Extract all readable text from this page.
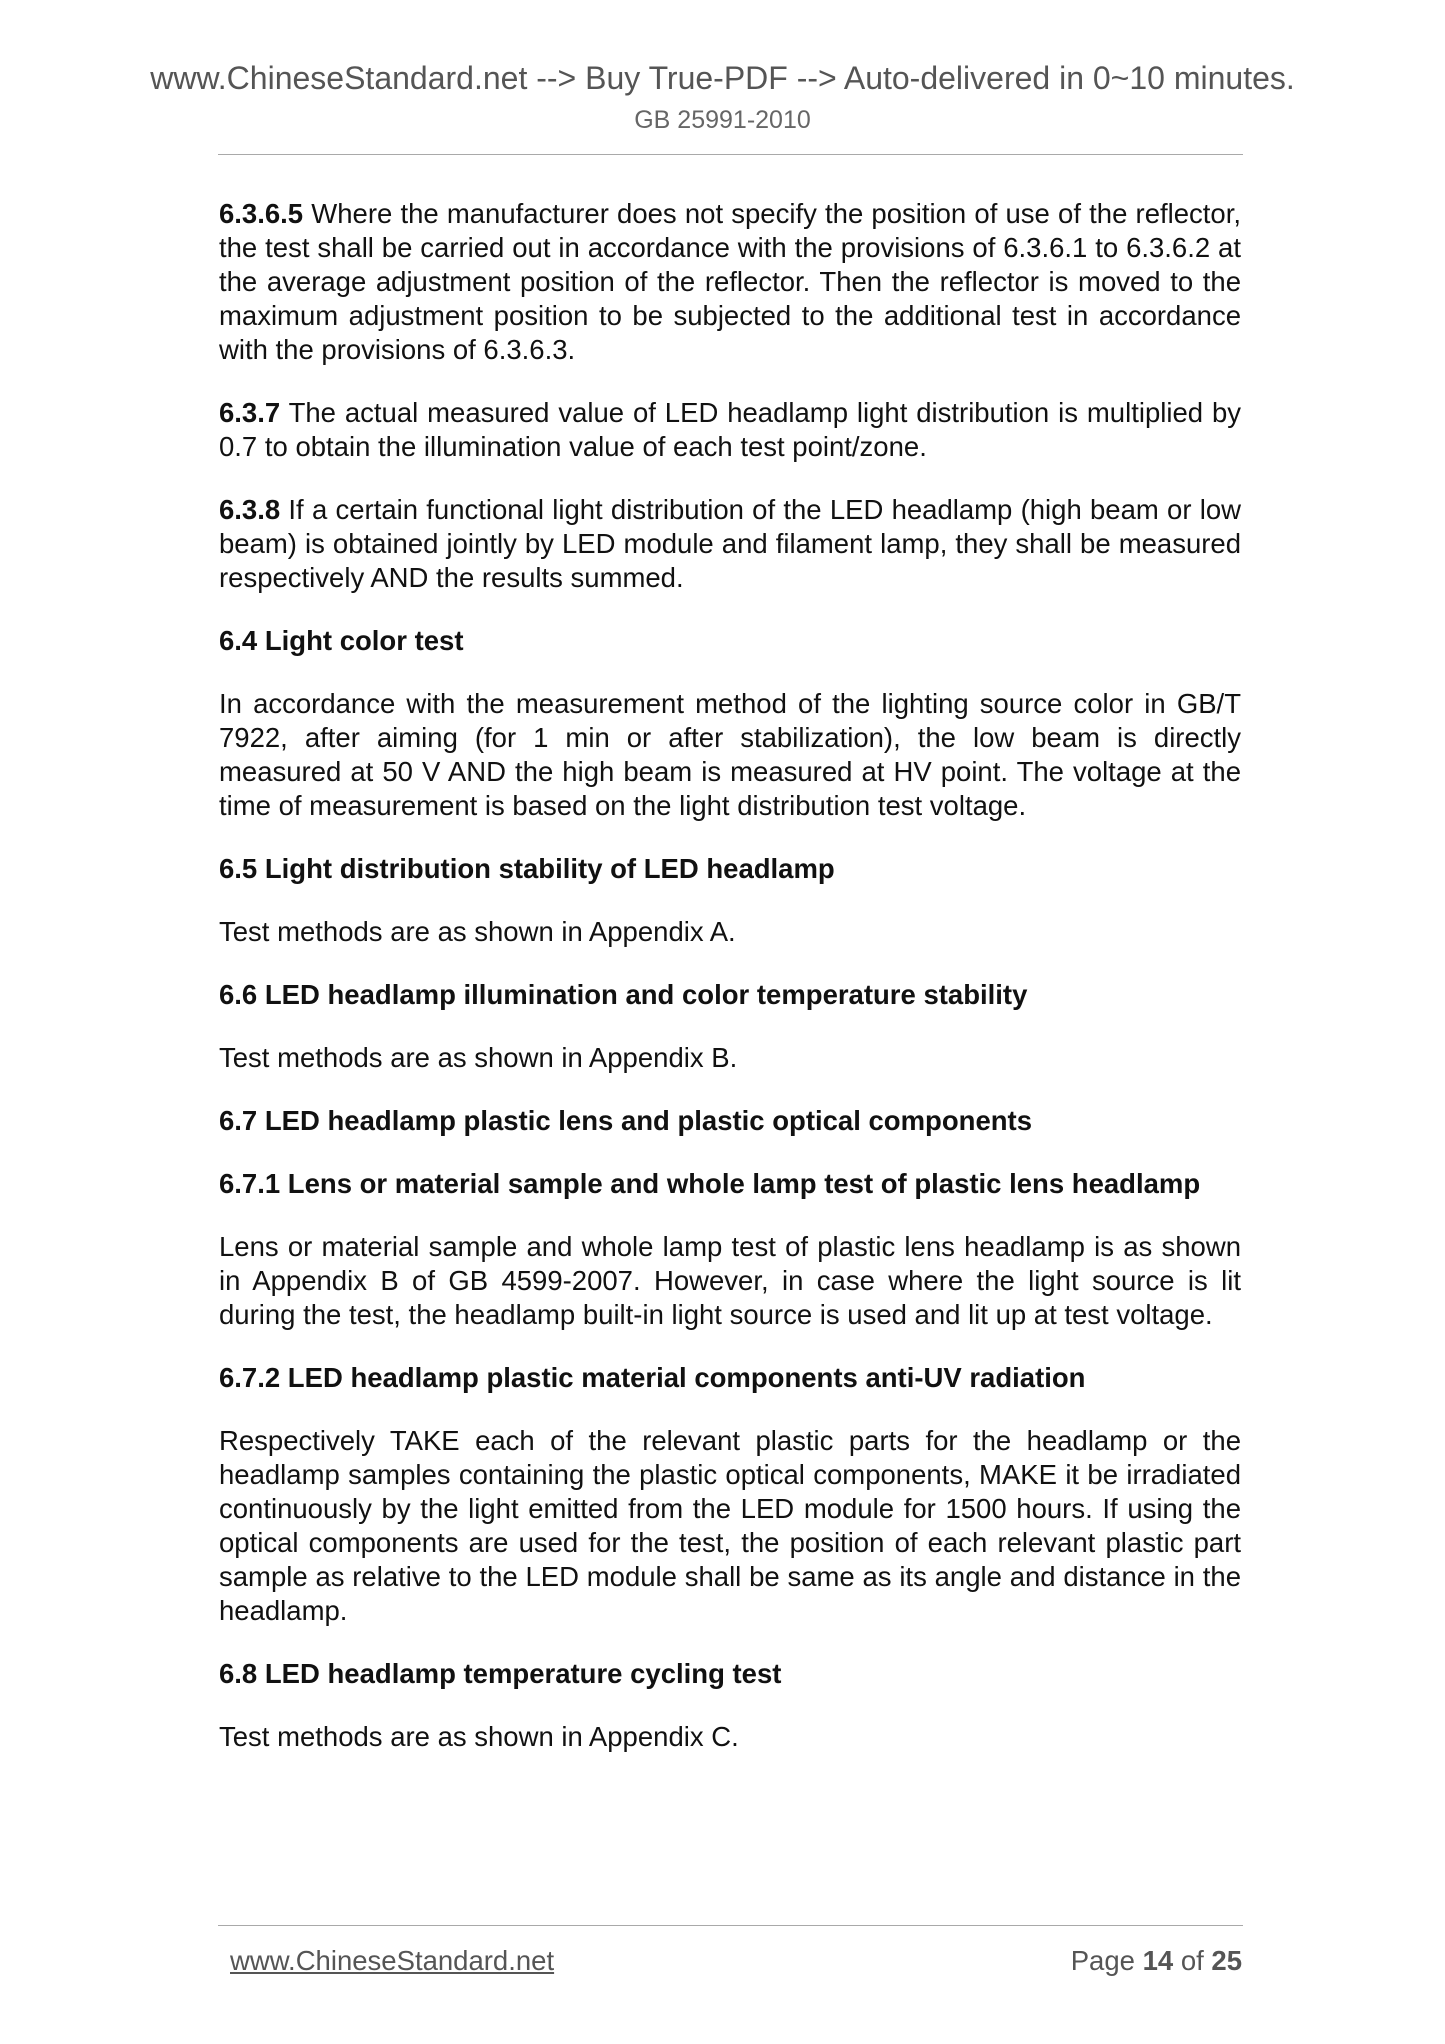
www.ChineseStandard.net --> Buy True-PDF --> Auto-delivered in 0~10 minutes.
GB 25991-2010

6.3.6.5 Where the manufacturer does not specify the position of use of the reflector, the test shall be carried out in accordance with the provisions of 6.3.6.1 to 6.3.6.2 at the average adjustment position of the reflector. Then the reflector is moved to the maximum adjustment position to be subjected to the additional test in accordance with the provisions of 6.3.6.3.

6.3.7 The actual measured value of LED headlamp light distribution is multiplied by 0.7 to obtain the illumination value of each test point/zone.

6.3.8 If a certain functional light distribution of the LED headlamp (high beam or low beam) is obtained jointly by LED module and filament lamp, they shall be measured respectively AND the results summed.

6.4 Light color test

In accordance with the measurement method of the lighting source color in GB/T 7922, after aiming (for 1 min or after stabilization), the low beam is directly measured at 50 V AND the high beam is measured at HV point. The voltage at the time of measurement is based on the light distribution test voltage.

6.5 Light distribution stability of LED headlamp

Test methods are as shown in Appendix A.

6.6 LED headlamp illumination and color temperature stability

Test methods are as shown in Appendix B.

6.7 LED headlamp plastic lens and plastic optical components

6.7.1 Lens or material sample and whole lamp test of plastic lens headlamp

Lens or material sample and whole lamp test of plastic lens headlamp is as shown in Appendix B of GB 4599-2007. However, in case where the light source is lit during the test, the headlamp built-in light source is used and lit up at test voltage.

6.7.2 LED headlamp plastic material components anti-UV radiation

Respectively TAKE each of the relevant plastic parts for the headlamp or the headlamp samples containing the plastic optical components, MAKE it be irradiated continuously by the light emitted from the LED module for 1500 hours. If using the optical components are used for the test, the position of each relevant plastic part sample as relative to the LED module shall be same as its angle and distance in the headlamp.

6.8 LED headlamp temperature cycling test

Test methods are as shown in Appendix C.

www.ChineseStandard.net	Page 14 of 25
